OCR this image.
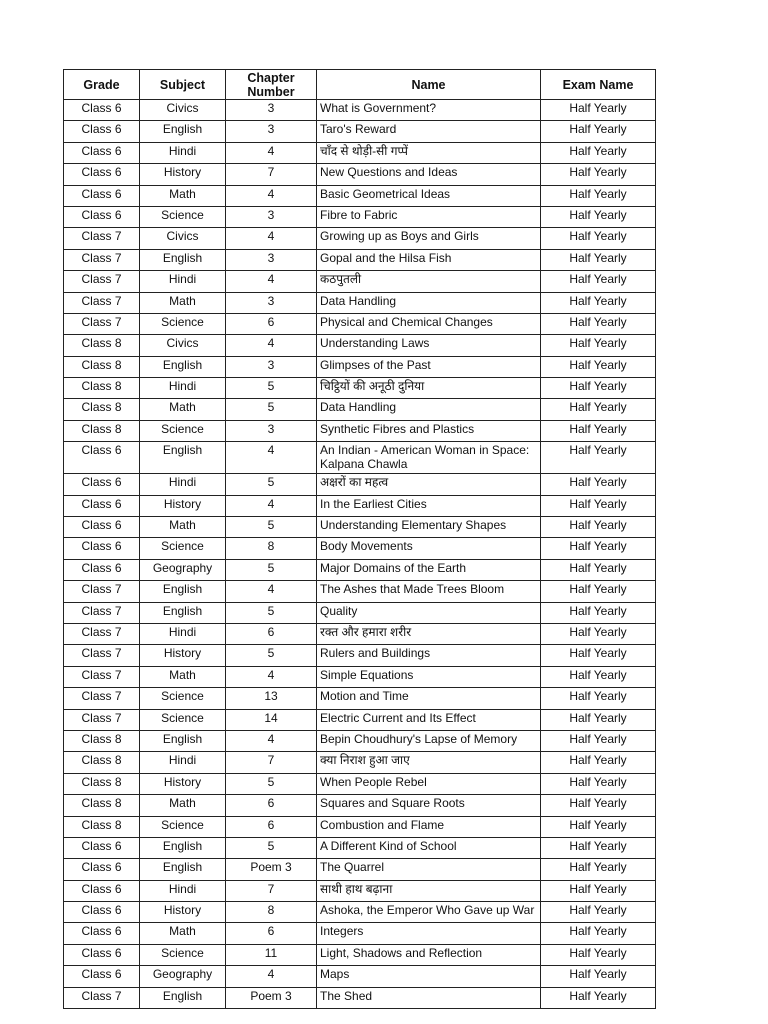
Grade	Subject	Chapter Number	Name	Exam Name
Class 6	Civics	3	What is Government?	Half Yearly
Class 6	English	3	Taro's Reward	Half Yearly
Class 6	Hindi	4	चाँद से थोड़ी-सी गप्पें	Half Yearly
Class 6	History	7	New Questions and Ideas	Half Yearly
Class 6	Math	4	Basic Geometrical Ideas	Half Yearly
Class 6	Science	3	Fibre to Fabric	Half Yearly
Class 7	Civics	4	Growing up as Boys and Girls	Half Yearly
Class 7	English	3	Gopal and the Hilsa Fish	Half Yearly
Class 7	Hindi	4	कठपुतली	Half Yearly
Class 7	Math	3	Data Handling	Half Yearly
Class 7	Science	6	Physical and Chemical Changes	Half Yearly
Class 8	Civics	4	Understanding Laws	Half Yearly
Class 8	English	3	Glimpses of the Past	Half Yearly
Class 8	Hindi	5	चिट्ठियों की अनूठी दुनिया	Half Yearly
Class 8	Math	5	Data Handling	Half Yearly
Class 8	Science	3	Synthetic Fibres and Plastics	Half Yearly
Class 6	English	4	An Indian - American Woman in Space: Kalpana Chawla	Half Yearly
Class 6	Hindi	5	अक्षरों का महत्व	Half Yearly
Class 6	History	4	In the Earliest Cities	Half Yearly
Class 6	Math	5	Understanding Elementary Shapes	Half Yearly
Class 6	Science	8	Body Movements	Half Yearly
Class 6	Geography	5	Major Domains of the Earth	Half Yearly
Class 7	English	4	The Ashes that Made Trees Bloom	Half Yearly
Class 7	English	5	Quality	Half Yearly
Class 7	Hindi	6	रक्त और हमारा शरीर	Half Yearly
Class 7	History	5	Rulers and Buildings	Half Yearly
Class 7	Math	4	Simple Equations	Half Yearly
Class 7	Science	13	Motion and Time	Half Yearly
Class 7	Science	14	Electric Current and Its Effect	Half Yearly
Class 8	English	4	Bepin Choudhury's Lapse of Memory	Half Yearly
Class 8	Hindi	7	क्या निराश हुआ जाए	Half Yearly
Class 8	History	5	When People Rebel	Half Yearly
Class 8	Math	6	Squares and Square Roots	Half Yearly
Class 8	Science	6	Combustion and Flame	Half Yearly
Class 6	English	5	A Different Kind of School	Half Yearly
Class 6	English	Poem 3	The Quarrel	Half Yearly
Class 6	Hindi	7	साथी हाथ बढ़ाना	Half Yearly
Class 6	History	8	Ashoka, the Emperor Who Gave up War	Half Yearly
Class 6	Math	6	Integers	Half Yearly
Class 6	Science	11	Light, Shadows and Reflection	Half Yearly
Class 6	Geography	4	Maps	Half Yearly
Class 7	English	Poem 3	The Shed	Half Yearly
